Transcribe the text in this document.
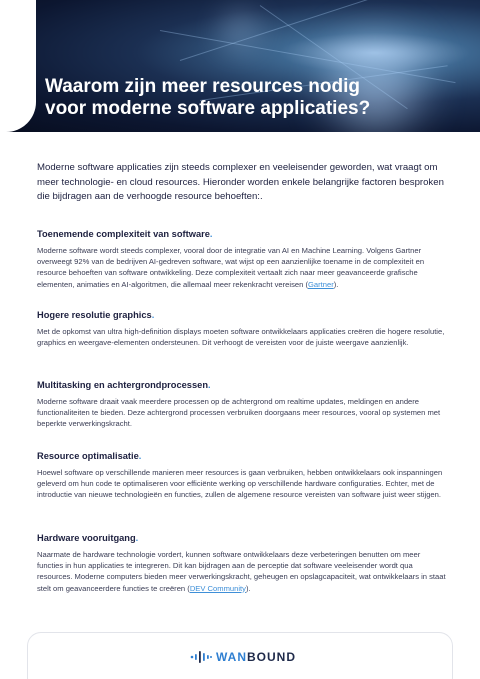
Waarom zijn meer resources nodig
voor moderne software applicaties?

Moderne software applicaties zijn steeds complexer en veeleisender geworden, wat vraagt om meer technologie- en cloud resources. Hieronder worden enkele belangrijke factoren besproken die bijdragen aan de verhoogde resource behoeften:.

Toenemende complexiteit van software.

Moderne software wordt steeds complexer, vooral door de integratie van AI en Machine Learning. Volgens Gartner overweegt 92% van de bedrijven AI-gedreven software, wat wijst op een aanzienlijke toename in de complexiteit en resource behoeften van software ontwikkeling. Deze complexiteit vertaalt zich naar meer geavanceerde grafische elementen, animaties en AI-algoritmen, die allemaal meer rekenkracht vereisen (Gartner).

Hogere resolutie graphics.

Met de opkomst van ultra high-definition displays moeten software ontwikkelaars applicaties creëren die hogere resolutie, graphics en weergave-elementen ondersteunen. Dit verhoogt de vereisten voor de juiste weergave aanzienlijk.

Multitasking en achtergrondprocessen.

Moderne software draait vaak meerdere processen op de achtergrond om realtime updates, meldingen en andere functionaliteiten te bieden. Deze achtergrond processen verbruiken doorgaans meer resources, vooral op systemen met beperkte verwerkingskracht.

Resource optimalisatie.

Hoewel software op verschillende manieren meer resources is gaan verbruiken, hebben ontwikkelaars ook inspanningen geleverd om hun code te optimaliseren voor efficiënte werking op verschillende hardware configuraties. Echter, met de introductie van nieuwe technologieën en functies, zullen de algemene resource vereisten van software juist weer stijgen.

Hardware vooruitgang.

Naarmate de hardware technologie vordert, kunnen software ontwikkelaars deze verbeteringen benutten om meer functies in hun applicaties te integreren. Dit kan bijdragen aan de perceptie dat software veeleisender wordt qua resources. Moderne computers bieden meer verwerkingskracht, geheugen en opslagcapaciteit, wat ontwikkelaars in staat stelt om geavanceerdere functies te creëren (DEV Community).

WANBOUND
